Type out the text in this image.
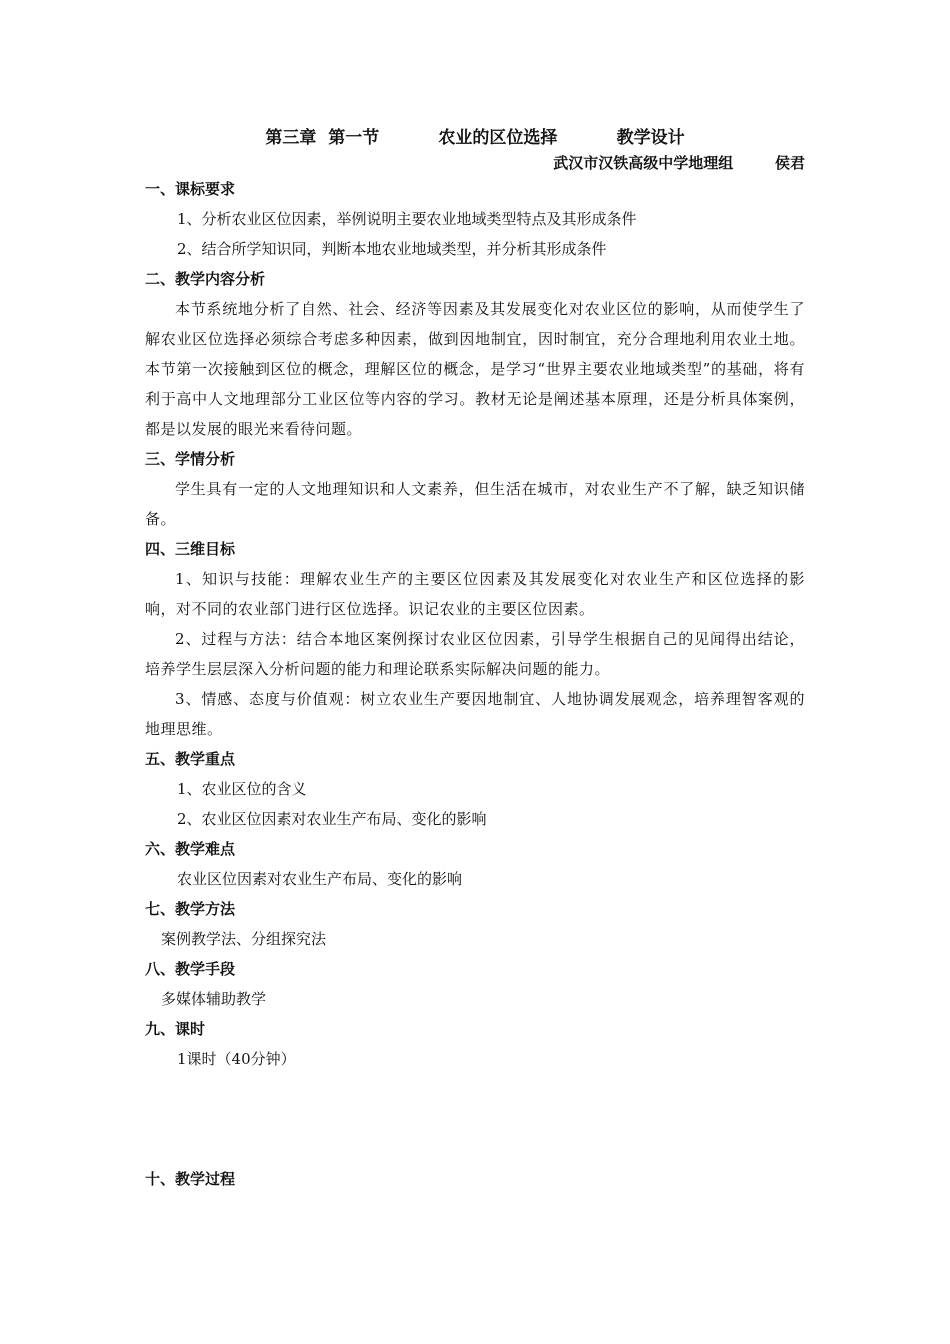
第三章  第一节          农业的区位选择          教学设计
武汉市汉铁高级中学地理组        侯君
一、课标要求
1、分析农业区位因素，举例说明主要农业地域类型特点及其形成条件
2、结合所学知识同，判断本地农业地域类型，并分析其形成条件
二、教学内容分析
本节系统地分析了自然、社会、经济等因素及其发展变化对农业区位的影响，从而使学生了解农业区位选择必须综合考虑多种因素，做到因地制宜，因时制宜，充分合理地利用农业土地。本节第一次接触到区位的概念，理解区位的概念，是学习“世界主要农业地域类型”的基础，将有利于高中人文地理部分工业区位等内容的学习。教材无论是阐述基本原理，还是分析具体案例，都是以发展的眼光来看待问题。
三、学情分析
学生具有一定的人文地理知识和人文素养，但生活在城市，对农业生产不了解，缺乏知识储备。
四、三维目标
1、知识与技能：理解农业生产的主要区位因素及其发展变化对农业生产和区位选择的影响，对不同的农业部门进行区位选择。识记农业的主要区位因素。
2、过程与方法：结合本地区案例探讨农业区位因素，引导学生根据自己的见闻得出结论，培养学生层层深入分析问题的能力和理论联系实际解决问题的能力。
3、情感、态度与价值观：树立农业生产要因地制宜、人地协调发展观念，培养理智客观的地理思维。
五、教学重点
1、农业区位的含义
2、农业区位因素对农业生产布局、变化的影响
六、教学难点
农业区位因素对农业生产布局、变化的影响
七、教学方法
案例教学法、分组探究法
八、教学手段
多媒体辅助教学
九、课时
1课时（40分钟）
十、教学过程
